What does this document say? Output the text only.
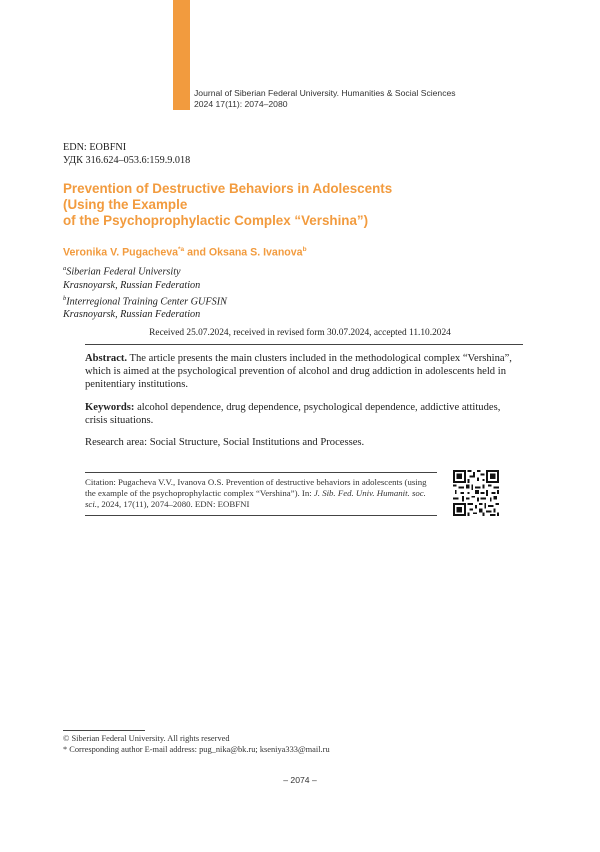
Journal of Siberian Federal University. Humanities & Social Sciences
2024 17(11): 2074–2080
EDN: EOBFNI
УДК 316.624–053.6:159.9.018
Prevention of Destructive Behaviors in Adolescents
(Using the Example
of the Psychoprophylactic Complex “Vershina”)
Veronika V. Pugacheva$^{*a}$ and Oksana S. Ivanova$^b$
$^a$Siberian Federal University
Krasnoyarsk, Russian Federation
$^b$Interregional Training Center GUFSIN
Krasnoyarsk, Russian Federation
Received 25.07.2024, received in revised form 30.07.2024, accepted 11.10.2024

Abstract. The article presents the main clusters included in the methodological complex “Vershina”, which is aimed at the psychological prevention of alcohol and drug addiction in adolescents held in penitentiary institutions.

Keywords: alcohol dependence, drug dependence, psychological dependence, addictive attitudes, crisis situations.

Research area: Social Structure, Social Institutions and Processes.

Citation: Pugacheva V.V., Ivanova O.S. Prevention of destructive behaviors in adolescents (using the example of the psychoprophylactic complex “Vershina”). In: J. Sib. Fed. Univ. Humanit. soc. sci., 2024, 17(11), 2074–2080. EDN: EOBFNI
© Siberian Federal University. All rights reserved
* Corresponding author E-mail address: pug_nika@bk.ru; kseniya333@mail.ru
– 2074 –
